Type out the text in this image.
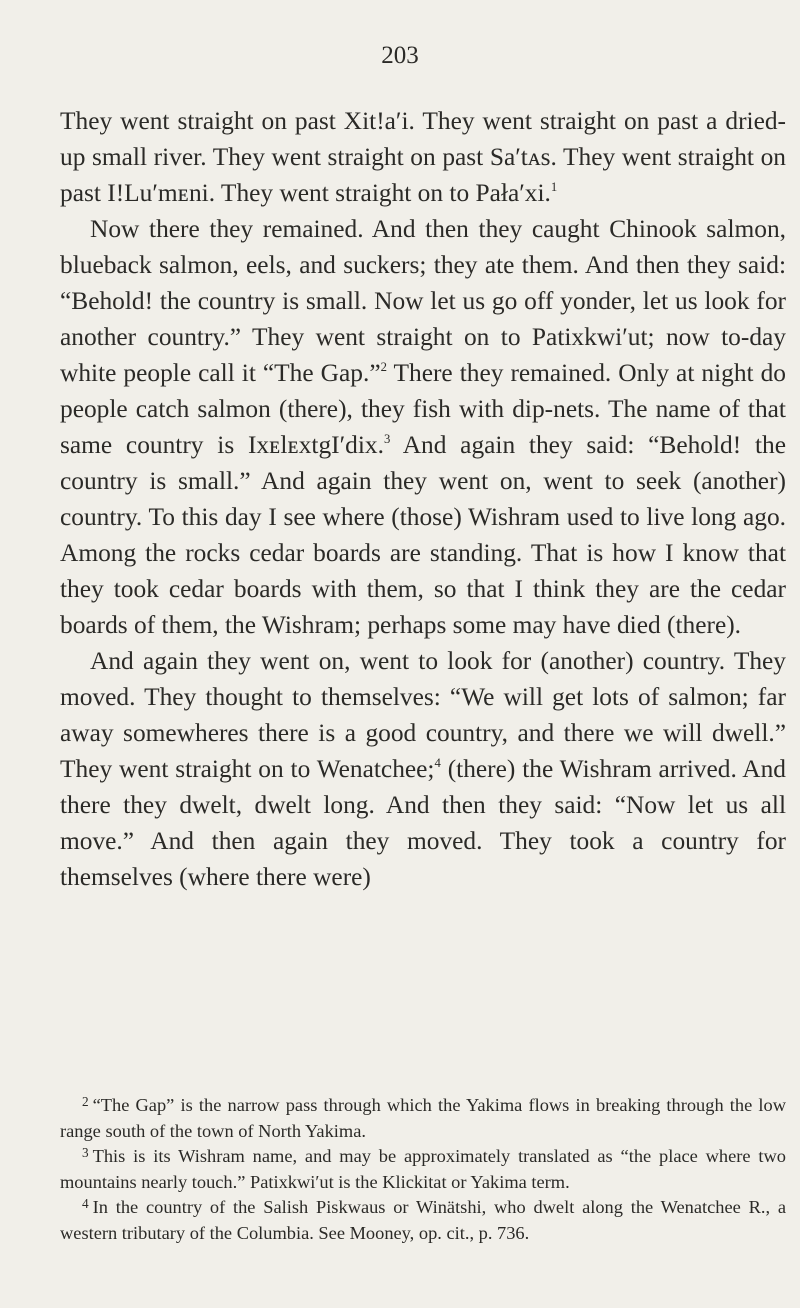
203

They went straight on past Xit!a′i. They went straight on past a dried-up small river. They went straight on past Sa′tᴀs. They went straight on past I!Lu′mᴇni. They went straight on to Pała′xi.$^1$

Now there they remained. And then they caught Chinook salmon, blueback salmon, eels, and suckers; they ate them. And then they said: “Behold! the country is small. Now let us go off yonder, let us look for another country.” They went straight on to Patixkwi′ut; now to-day white people call it “The Gap.”$^2$ There they remained. Only at night do people catch salmon (there), they fish with dip-nets. The name of that same country is IxᴇlᴇxtgI′dix.$^3$ And again they said: “Behold! the country is small.” And again they went on, went to seek (another) country. To this day I see where (those) Wishram used to live long ago. Among the rocks cedar boards are standing. That is how I know that they took cedar boards with them, so that I think they are the cedar boards of them, the Wishram; perhaps some may have died (there).

And again they went on, went to look for (another) country. They moved. They thought to themselves: “We will get lots of salmon; far away somewheres there is a good country, and there we will dwell.” They went straight on to Wenatchee;$^4$ (there) the Wishram arrived. And there they dwelt, dwelt long. And then they said: “Now let us all move.” And then again they moved. They took a country for themselves (where there were)

$^2$ “The Gap” is the narrow pass through which the Yakima flows in breaking through the low range south of the town of North Yakima.

$^3$ This is its Wishram name, and may be approximately translated as “the place where two mountains nearly touch.” Patixkwi′ut is the Klickitat or Yakima term.

$^4$ In the country of the Salish Piskwaus or Winätshi, who dwelt along the Wenatchee R., a western tributary of the Columbia. See Mooney, op. cit., p. 736.
